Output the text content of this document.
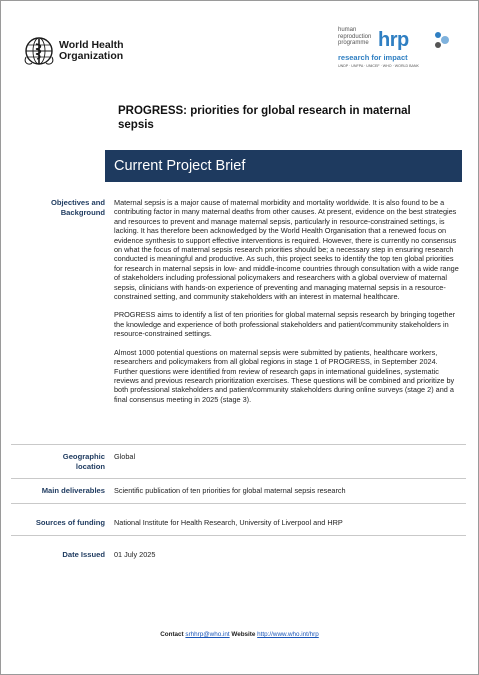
World Health
Organization
human
reproduction
programme hrp
research for impact
UNDP · UNFPA · UNICEF · WHO · WORLD BANK
PROGRESS: priorities for global research in maternal sepsis
Current Project Brief
Objectives and
Background

Maternal sepsis is a major cause of maternal morbidity and mortality worldwide. It is also found to be a contributing factor in many maternal deaths from other causes. At present, evidence on the best strategies and resources to prevent and manage maternal sepsis, particularly in resource-constrained settings, is lacking. It has therefore been acknowledged by the World Health Organisation that a renewed focus on evidence synthesis to support effective interventions is required. However, there is currently no consensus on what the focus of maternal sepsis research priorities should be; a necessary step in ensuring research conducted is meaningful and productive. As such, this project seeks to identify the top ten global priorities for research in maternal sepsis in low- and middle-income countries through consultation with a wide range of stakeholders including professional policymakers and researchers with a global overview of maternal sepsis, clinicians with hands-on experience of preventing and managing maternal sepsis in a resource-constrained setting, and community stakeholders with an interest in maternal healthcare.

PROGRESS aims to identify a list of ten priorities for global maternal sepsis research by bringing together the knowledge and experience of both professional stakeholders and patient/community stakeholders in resource-constrained settings.

Almost 1000 potential questions on maternal sepsis were submitted by patients, healthcare workers, researchers and policymakers from all global regions in stage 1 of PROGRESS, in September 2024. Further questions were identified from review of research gaps in international guidelines, systematic reviews and previous research prioritization exercises. These questions will be combined and prioritize by both professional stakeholders and patient/community stakeholders during online surveys (stage 2) and a final consensus meeting in 2025 (stage 3).

Geographic
location
Global
Main deliverables Scientific publication of ten priorities for global maternal sepsis research
Sources of funding National Institute for Health Research, University of Liverpool and HRP
Date Issued 01 July 2025
Contact srhhrp@who.int Website http://www.who.int/hrp
